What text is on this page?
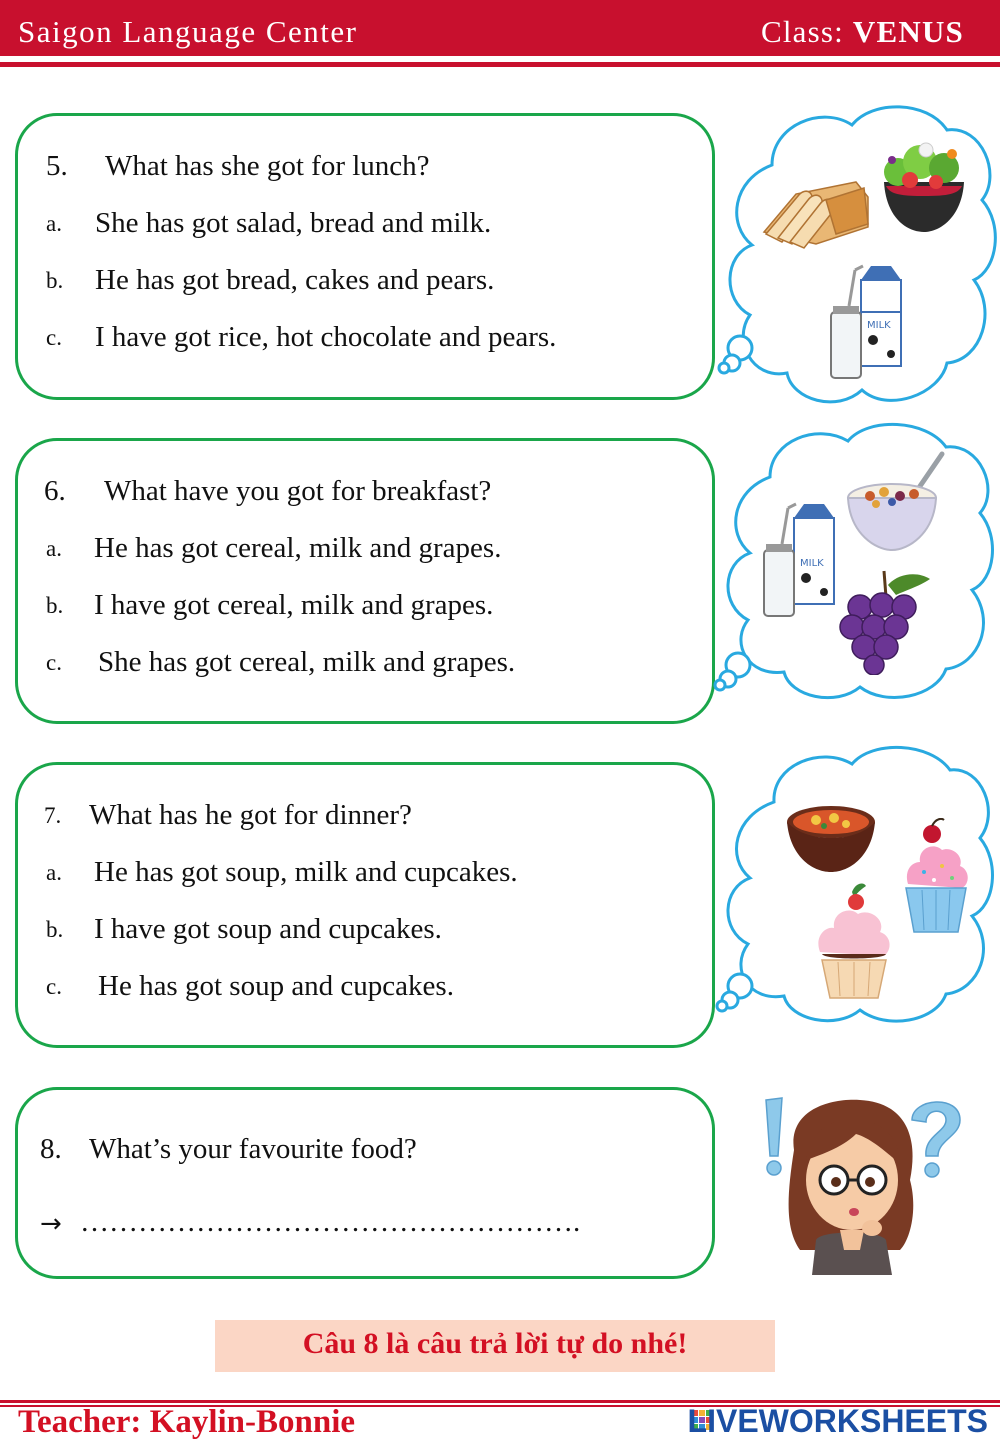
Saigon Language Center	Class: VENUS
5. What has she got for lunch?
a. She has got salad, bread and milk.
b. He has got bread, cakes and pears.
c. I have got rice, hot chocolate and pears.	MILK
6. What have you got for breakfast?
a. He has got cereal, milk and grapes.
b. I have got cereal, milk and grapes.
c. She has got cereal, milk and grapes.
MILK
7. What has he got for dinner?
a. He has got soup, milk and cupcakes.
b. I have got soup and cupcakes.
c. He has got soup and cupcakes.
8. What’s your favourite food?
→ …………………………………………….
Câu 8 là câu trả lời tự do nhé!
Teacher: Kaylin-Bonnie	LIVEWORKSHEETS
